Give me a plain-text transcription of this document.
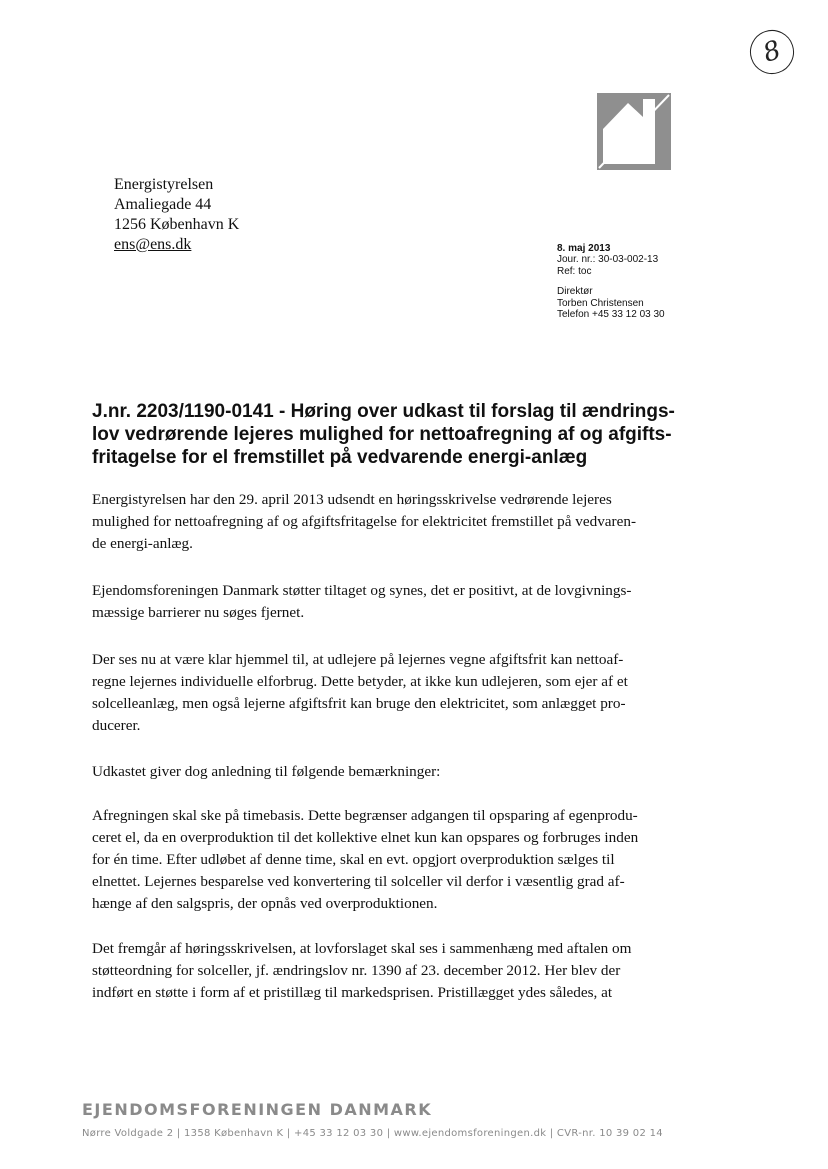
8
Energistyrelsen
Amaliegade 44
1256 København K
ens@ens.dk	8. maj 2013
Jour. nr.: 30-03-002-13
Ref: toc
Direktør
Torben Christensen
Telefon +45 33 12 03 30
J.nr. 2203/1190-0141 - Høring over udkast til forslag til ændrings-
lov vedrørende lejeres mulighed for nettoafregning af og afgifts-
fritagelse for el fremstillet på vedvarende energi-anlæg
Energistyrelsen har den 29. april 2013 udsendt en høringsskrivelse vedrørende lejeres
mulighed for nettoafregning af og afgiftsfritagelse for elektricitet fremstillet på vedvaren-
de energi-anlæg.
Ejendomsforeningen Danmark støtter tiltaget og synes, det er positivt, at de lovgivnings-
mæssige barrierer nu søges fjernet.
Der ses nu at være klar hjemmel til, at udlejere på lejernes vegne afgiftsfrit kan nettoaf-
regne lejernes individuelle elforbrug. Dette betyder, at ikke kun udlejeren, som ejer af et
solcelleanlæg, men også lejerne afgiftsfrit kan bruge den elektricitet, som anlægget pro-
ducerer.
Udkastet giver dog anledning til følgende bemærkninger:
Afregningen skal ske på timebasis. Dette begrænser adgangen til opsparing af egenprodu-
ceret el, da en overproduktion til det kollektive elnet kun kan opspares og forbruges inden
for én time. Efter udløbet af denne time, skal en evt. opgjort overproduktion sælges til
elnettet. Lejernes besparelse ved konvertering til solceller vil derfor i væsentlig grad af-
hænge af den salgspris, der opnås ved overproduktionen.
Det fremgår af høringsskrivelsen, at lovforslaget skal ses i sammenhæng med aftalen om
støtteordning for solceller, jf. ændringslov nr. 1390 af 23. december 2012. Her blev der
indført en støtte i form af et pristillæg til markedsprisen. Pristillægget ydes således, at
EJENDOMSFORENINGEN DANMARK
Nørre Voldgade 2 | 1358 København K | +45 33 12 03 30 | www.ejendomsforeningen.dk | CVR-nr. 10 39 02 14
